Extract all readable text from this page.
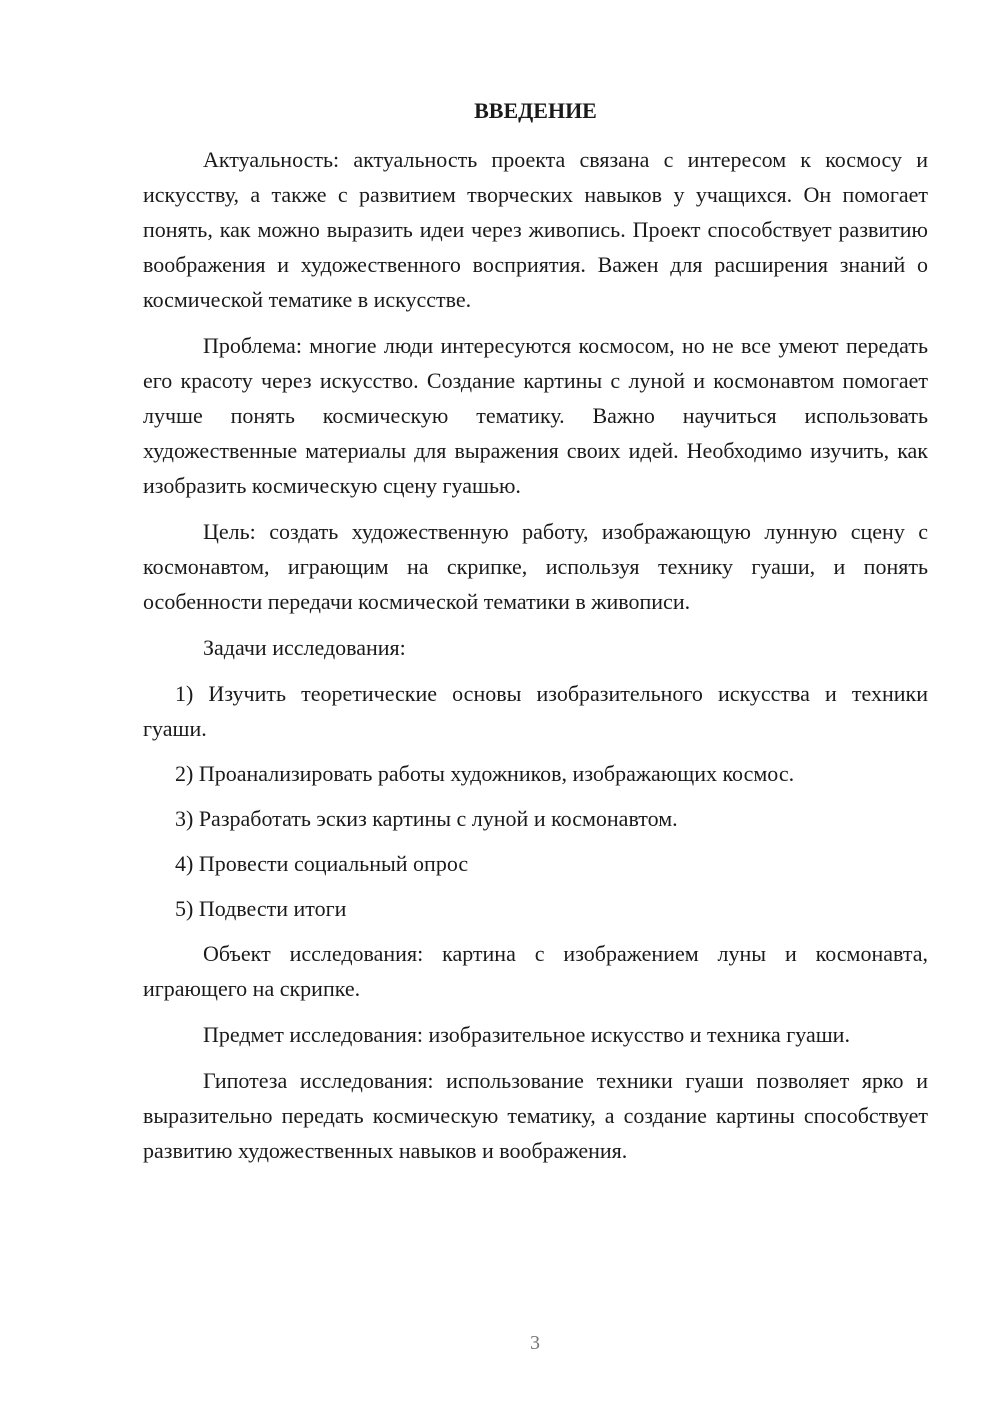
ВВЕДЕНИЕ

Актуальность: актуальность проекта связана с интересом к космосу и искусству, а также с развитием творческих навыков у учащихся. Он помогает понять, как можно выразить идеи через живопись. Проект способствует развитию воображения и художественного восприятия. Важен для расширения знаний о космической тематике в искусстве.

Проблема: многие люди интересуются космосом, но не все умеют передать его красоту через искусство. Создание картины с луной и космонавтом помогает лучше понять космическую тематику. Важно научиться использовать художественные материалы для выражения своих идей. Необходимо изучить, как изобразить космическую сцену гуашью.

Цель: создать художественную работу, изображающую лунную сцену с космонавтом, играющим на скрипке, используя технику гуаши, и понять особенности передачи космической тематики в живописи.

Задачи исследования:

1) Изучить теоретические основы изобразительного искусства и техники гуаши.

2) Проанализировать работы художников, изображающих космос.

3) Разработать эскиз картины с луной и космонавтом.

4) Провести социальный опрос

5) Подвести итоги

Объект исследования: картина с изображением луны и космонавта, играющего на скрипке.

Предмет исследования: изобразительное искусство и техника гуаши.

Гипотеза исследования: использование техники гуаши позволяет ярко и выразительно передать космическую тематику, а создание картины способствует развитию художественных навыков и воображения.

3
